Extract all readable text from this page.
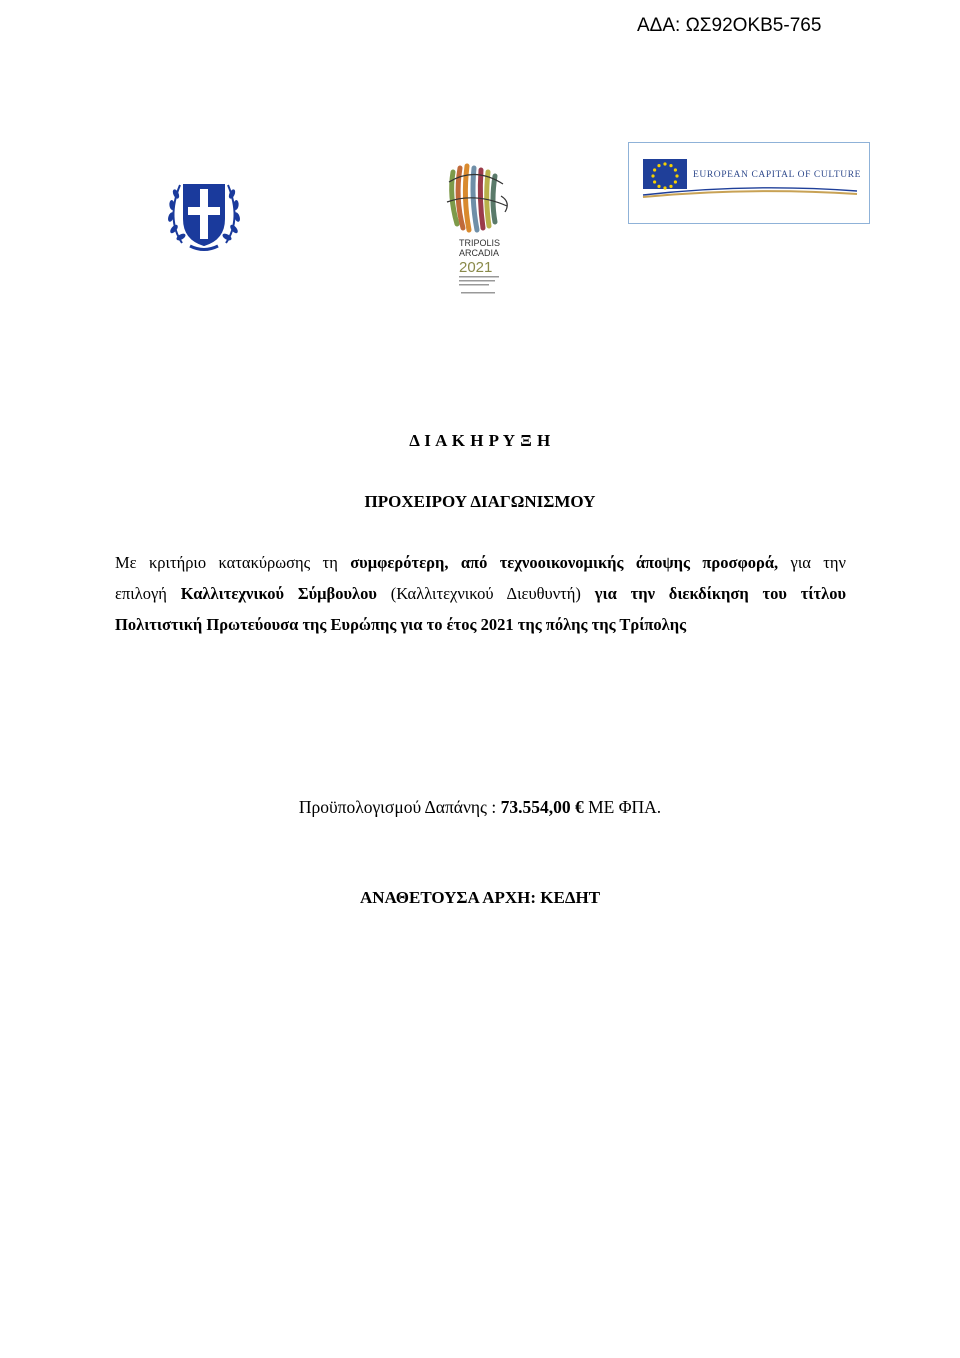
ΑΔΑ: ΩΣ92ΟΚΒ5-765
TRIPOLIS
ARCADIA
2021
EUROPEAN CAPITAL OF CULTURE
Δ Ι Α Κ Η Ρ Υ Ξ Η
ΠΡΟΧΕΙΡΟΥ ΔΙΑΓΩΝΙΣΜΟΥ
Με κριτήριο κατακύρωσης τη συμφερότερη, από τεχνοοικονομικής άποψης προσφορά, για την
επιλογή Καλλιτεχνικού Σύμβουλου (Καλλιτεχνικού Διευθυντή) για την διεκδίκηση του τίτλου
Πολιτιστική Πρωτεύουσα της Ευρώπης για το έτος 2021 της πόλης της Τρίπολης
Προϋπολογισμού Δαπάνης : 73.554,00 € ΜΕ ΦΠΑ.
ΑΝΑΘΕΤΟΥΣΑ ΑΡΧΗ: ΚΕΔΗΤ
